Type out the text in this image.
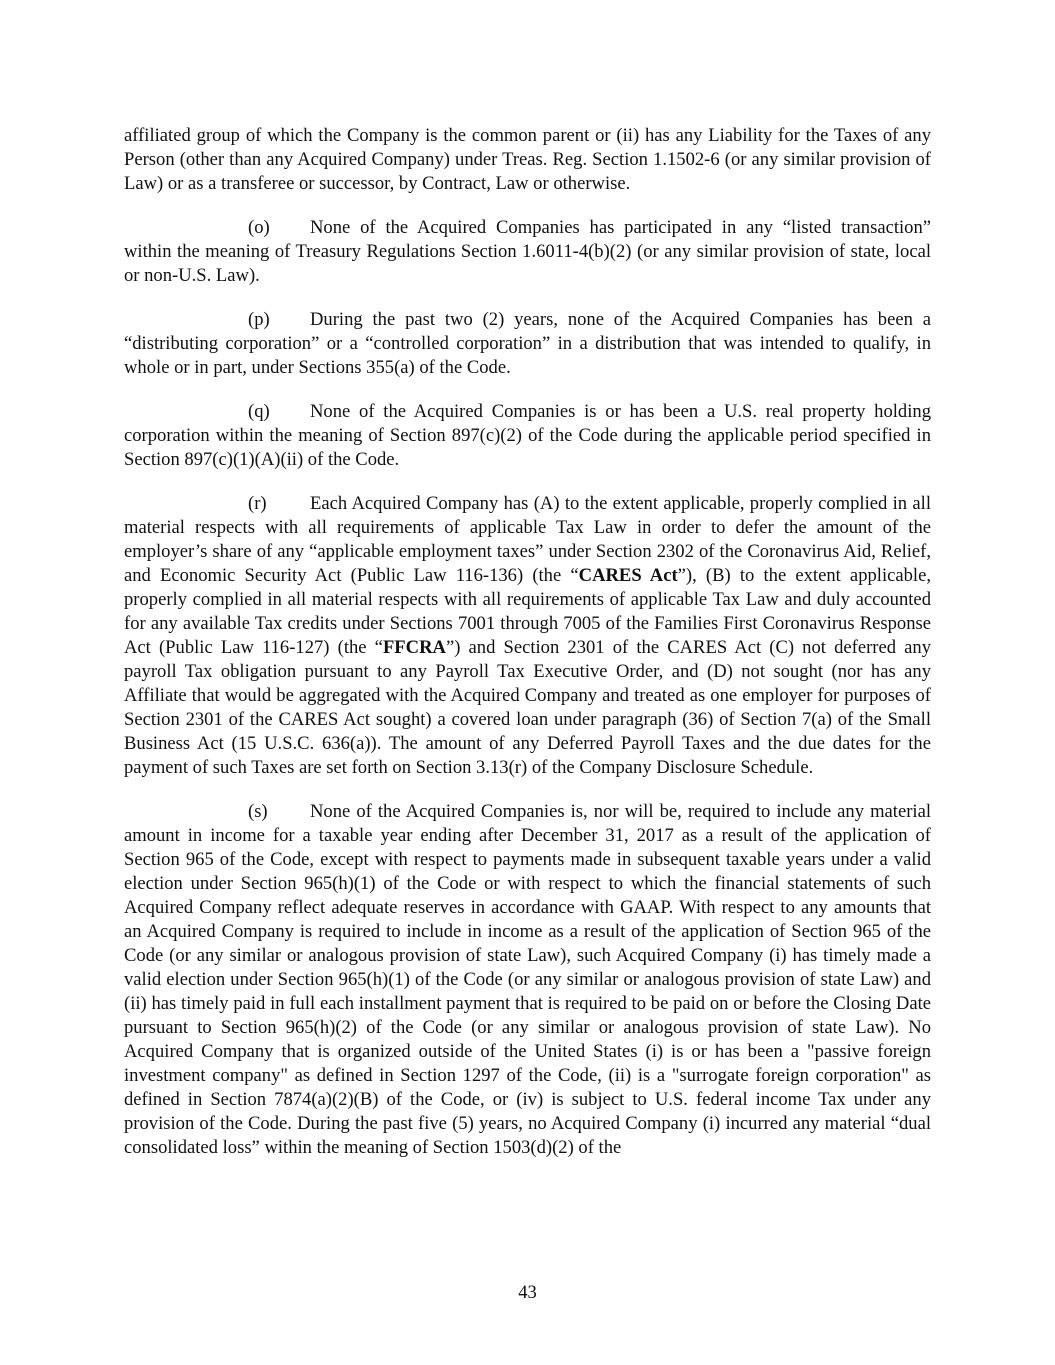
affiliated group of which the Company is the common parent or (ii) has any Liability for the Taxes of any Person (other than any Acquired Company) under Treas. Reg. Section 1.1502-6 (or any similar provision of Law) or as a transferee or successor, by Contract, Law or otherwise.

(o) None of the Acquired Companies has participated in any “listed transaction” within the meaning of Treasury Regulations Section 1.6011-4(b)(2) (or any similar provision of state, local or non-U.S. Law).

(p) During the past two (2) years, none of the Acquired Companies has been a “distributing corporation” or a “controlled corporation” in a distribution that was intended to qualify, in whole or in part, under Sections 355(a) of the Code.

(q) None of the Acquired Companies is or has been a U.S. real property holding corporation within the meaning of Section 897(c)(2) of the Code during the applicable period specified in Section 897(c)(1)(A)(ii) of the Code.

(r) Each Acquired Company has (A) to the extent applicable, properly complied in all material respects with all requirements of applicable Tax Law in order to defer the amount of the employer’s share of any “applicable employment taxes” under Section 2302 of the Coronavirus Aid, Relief, and Economic Security Act (Public Law 116-136) (the “CARES Act”), (B) to the extent applicable, properly complied in all material respects with all requirements of applicable Tax Law and duly accounted for any available Tax credits under Sections 7001 through 7005 of the Families First Coronavirus Response Act (Public Law 116-127) (the “FFCRA”) and Section 2301 of the CARES Act (C) not deferred any payroll Tax obligation pursuant to any Payroll Tax Executive Order, and (D) not sought (nor has any Affiliate that would be aggregated with the Acquired Company and treated as one employer for purposes of Section 2301 of the CARES Act sought) a covered loan under paragraph (36) of Section 7(a) of the Small Business Act (15 U.S.C. 636(a)). The amount of any Deferred Payroll Taxes and the due dates for the payment of such Taxes are set forth on Section 3.13(r) of the Company Disclosure Schedule.

(s) None of the Acquired Companies is, nor will be, required to include any material amount in income for a taxable year ending after December 31, 2017 as a result of the application of Section 965 of the Code, except with respect to payments made in subsequent taxable years under a valid election under Section 965(h)(1) of the Code or with respect to which the financial statements of such Acquired Company reflect adequate reserves in accordance with GAAP. With respect to any amounts that an Acquired Company is required to include in income as a result of the application of Section 965 of the Code (or any similar or analogous provision of state Law), such Acquired Company (i) has timely made a valid election under Section 965(h)(1) of the Code (or any similar or analogous provision of state Law) and (ii) has timely paid in full each installment payment that is required to be paid on or before the Closing Date pursuant to Section 965(h)(2) of the Code (or any similar or analogous provision of state Law). No Acquired Company that is organized outside of the United States (i) is or has been a "passive foreign investment company" as defined in Section 1297 of the Code, (ii) is a "surrogate foreign corporation" as defined in Section 7874(a)(2)(B) of the Code, or (iv) is subject to U.S. federal income Tax under any provision of the Code. During the past five (5) years, no Acquired Company (i) incurred any material “dual consolidated loss” within the meaning of Section 1503(d)(2) of the

43
